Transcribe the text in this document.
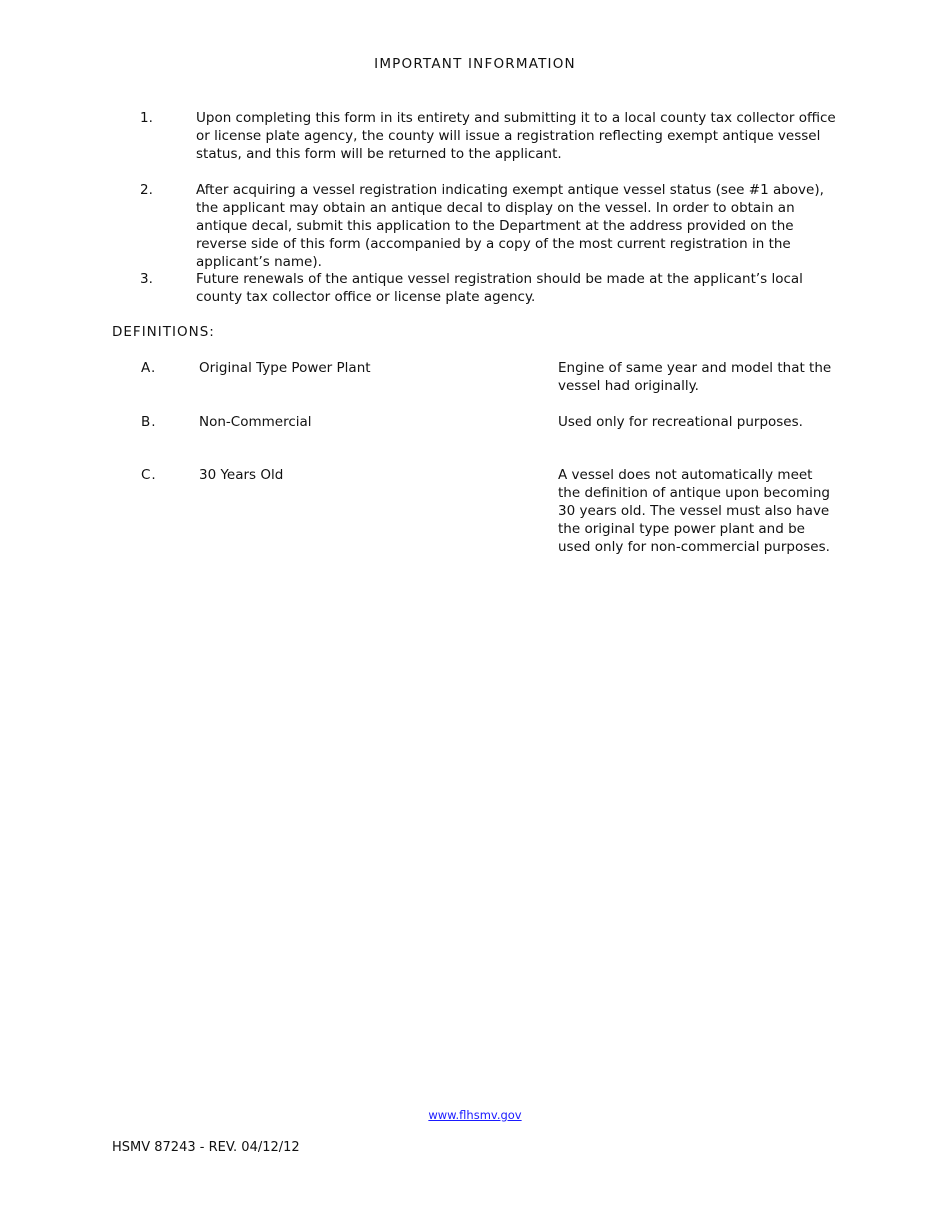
IMPORTANT INFORMATION
1.	Upon completing this form in its entirety and submitting it to a local county tax collector office or license plate agency, the county will issue a registration reflecting exempt antique vessel status, and this form will be returned to the applicant.
2.	After acquiring a vessel registration indicating exempt antique vessel status (see #1 above), the applicant may obtain an antique decal to display on the vessel. In order to obtain an antique decal, submit this application to the Department at the address provided on the reverse side of this form (accompanied by a copy of the most current registration in the applicant’s name).
3.	Future renewals of the antique vessel registration should be made at the applicant’s local county tax collector office or license plate agency.
DEFINITIONS:
A.	Original Type Power Plant	Engine of same year and model that the vessel had originally.
B.	Non-Commercial	Used only for recreational purposes.
C.	30 Years Old	A vessel does not automatically meet the definition of antique upon becoming 30 years old. The vessel must also have the original type power plant and be used only for non-commercial purposes.
www.flhsmv.gov
HSMV 87243 - REV. 04/12/12
